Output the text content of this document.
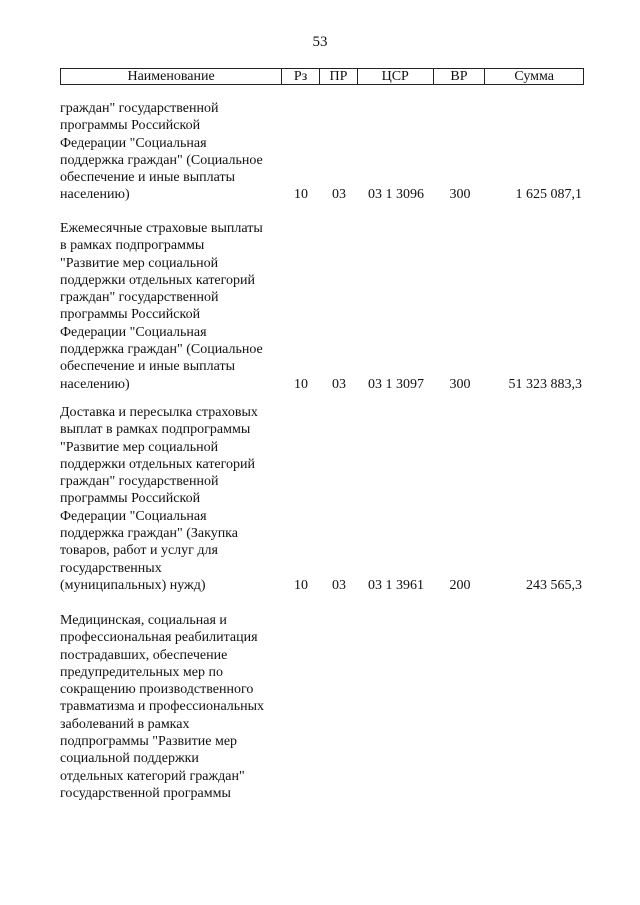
53
Наименование	Рз	ПР	ЦСР	ВР	Сумма
граждан" государственной
программы Российской
Федерации "Социальная
поддержка граждан" (Социальное
обеспечение и иные выплаты
населению)	10	03	03 1 3096	300	1 625 087,1
Ежемесячные страховые выплаты
в рамках подпрограммы
"Развитие мер социальной
поддержки отдельных категорий
граждан" государственной
программы Российской
Федерации "Социальная
поддержка граждан" (Социальное
обеспечение и иные выплаты
населению)	10	03	03 1 3097	300	51 323 883,3
Доставка и пересылка страховых
выплат в рамках подпрограммы
"Развитие мер социальной
поддержки отдельных категорий
граждан" государственной
программы Российской
Федерации "Социальная
поддержка граждан" (Закупка
товаров, работ и услуг для
государственных
(муниципальных) нужд)	10	03	03 1 3961	200	243 565,3
Медицинская, социальная и
профессиональная реабилитация
пострадавших, обеспечение
предупредительных мер по
сокращению производственного
травматизма и профессиональных
заболеваний в рамках
подпрограммы "Развитие мер
социальной поддержки
отдельных категорий граждан"
государственной программы
